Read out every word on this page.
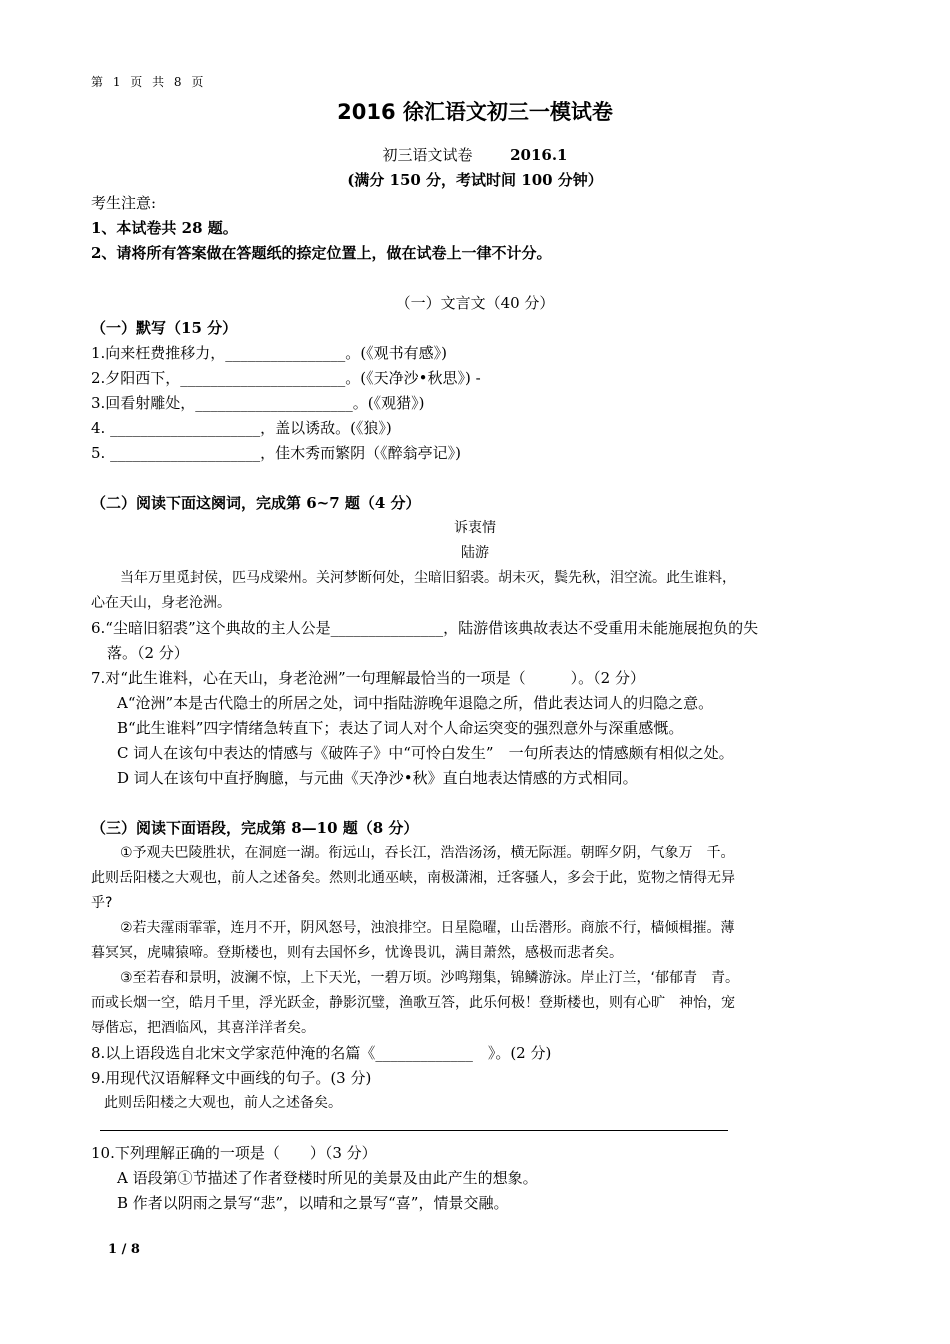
第 1 页 共 8 页
2016 徐汇语文初三一模试卷
初三语文试卷	2016.1
(满分 150 分，考试时间 100 分钟）
考生注意:
1、本试卷共 28 题。
2、请将所有答案做在答题纸的捺定位置上，做在试卷上一律不计分。
（一）文言文（40 分）
（一）默写（15 分）
1.向来枉费推移力，________________。(《观书有感》)
2.夕阳西下，______________________。(《天净沙•秋思》) -
3.回看射雕处，_____________________。(《观猎》)
4. ____________________，盖以诱敌。(《狼》)
5. ____________________，佳木秀而繁阴（《醉翁亭记》)
（二）阅读下面这阕词，完成第 6~7 题（4 分）
诉衷情
陆游
当年万里觅封侯，匹马戍梁州。关河梦断何处，尘暗旧貂裘。胡未灭，鬓先秋，泪空流。此生谁料，
心在天山，身老沧洲。
6.“尘暗旧貂裘”这个典故的主人公是_______________，陆游借该典故表达不受重用未能施展抱负的失
落。（2 分）
7.对“此生谁料，心在天山，身老沧洲”一句理解最恰当的一项是（　　　）。（2 分）
A“沧洲”本是古代隐士的所居之处，词中指陆游晚年退隐之所，借此表达词人的归隐之意。
B“此生谁料”四字情绪急转直下；表达了词人对个人命运突变的强烈意外与深重感慨。
C 词人在该句中表达的情感与《破阵子》中“可怜白发生”　一句所表达的情感颇有相似之处。
D 词人在该句中直抒胸臆，与元曲《天净沙•秋》直白地表达情感的方式相同。
（三）阅读下面语段，完成第 8—10 题（8 分）
①予观夫巴陵胜状，在洞庭一湖。衔远山，吞长江，浩浩汤汤，横无际涯。朝晖夕阴，气象万　千。
此则岳阳楼之大观也，前人之述备矣。然则北通巫峡，南极潇湘，迁客骚人，多会于此，览物之情得无异
乎?
②若夫霪雨霏霏，连月不开，阴风怒号，浊浪排空。日星隐曜，山岳潜形。商旅不行，樯倾楫摧。薄
暮冥冥，虎啸猿啼。登斯楼也，则有去国怀乡，忧谗畏讥，满目萧然，感极而悲者矣。
③至若春和景明，波澜不惊，上下天光，一碧万顷。沙鸣翔集，锦鳞游泳。岸止汀兰，‘郁郁青　青。
而或长烟一空，皓月千里，浮光跃金，静影沉璧，渔歌互答，此乐何极！登斯楼也，则有心旷　神怡，宠
辱偕忘，把酒临风，其喜洋洋者矣。
8.以上语段选自北宋文学家范仲淹的名篇《_____________　》。(2 分)
9.用现代汉语解释文中画线的句子。(3 分)
此则岳阳楼之大观也，前人之述备矣。
10.下列理解正确的一项是（　　）（3 分）
A 语段第①节描述了作者登楼时所见的美景及由此产生的想象。
B 作者以阴雨之景写“悲”，以晴和之景写“喜”，情景交融。
1 / 8
